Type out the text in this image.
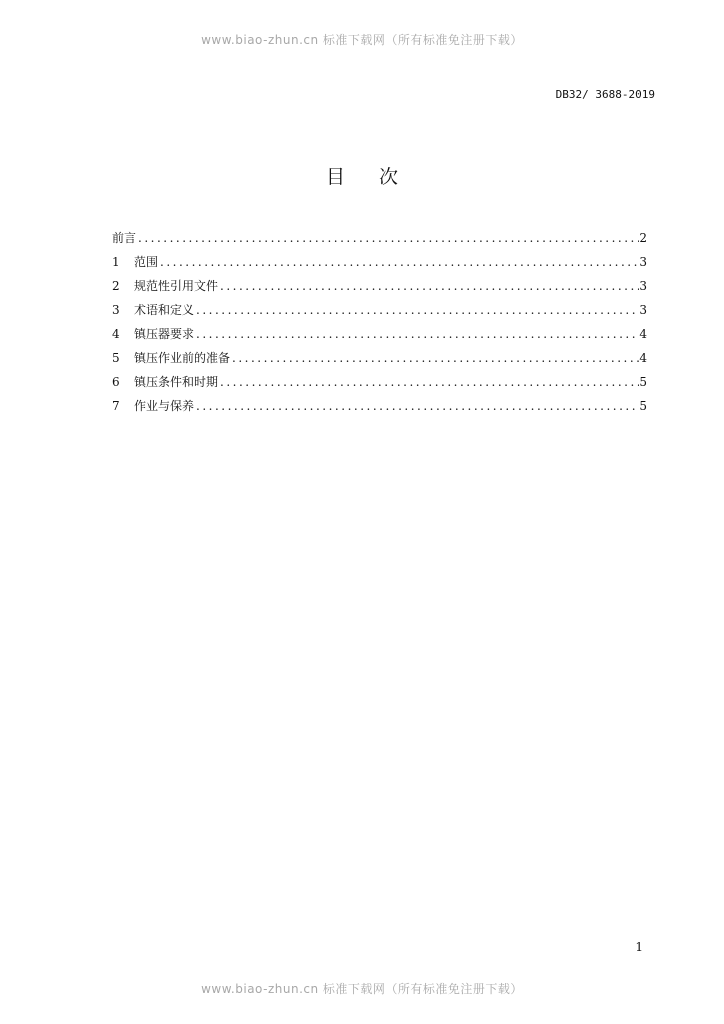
www.biao-zhun.cn 标准下载网（所有标准免注册下载）
DB32/ 3688-2019
目次
前言 .....	2
1	范围 .....	3
2	规范性引用文件 .....	3
3	术语和定义 .....	3
4	镇压器要求 .....	4
5	镇压作业前的准备 .....	4
6	镇压条件和时期 .....	5
7	作业与保养 .....	5
1
www.biao-zhun.cn 标准下载网（所有标准免注册下载）
